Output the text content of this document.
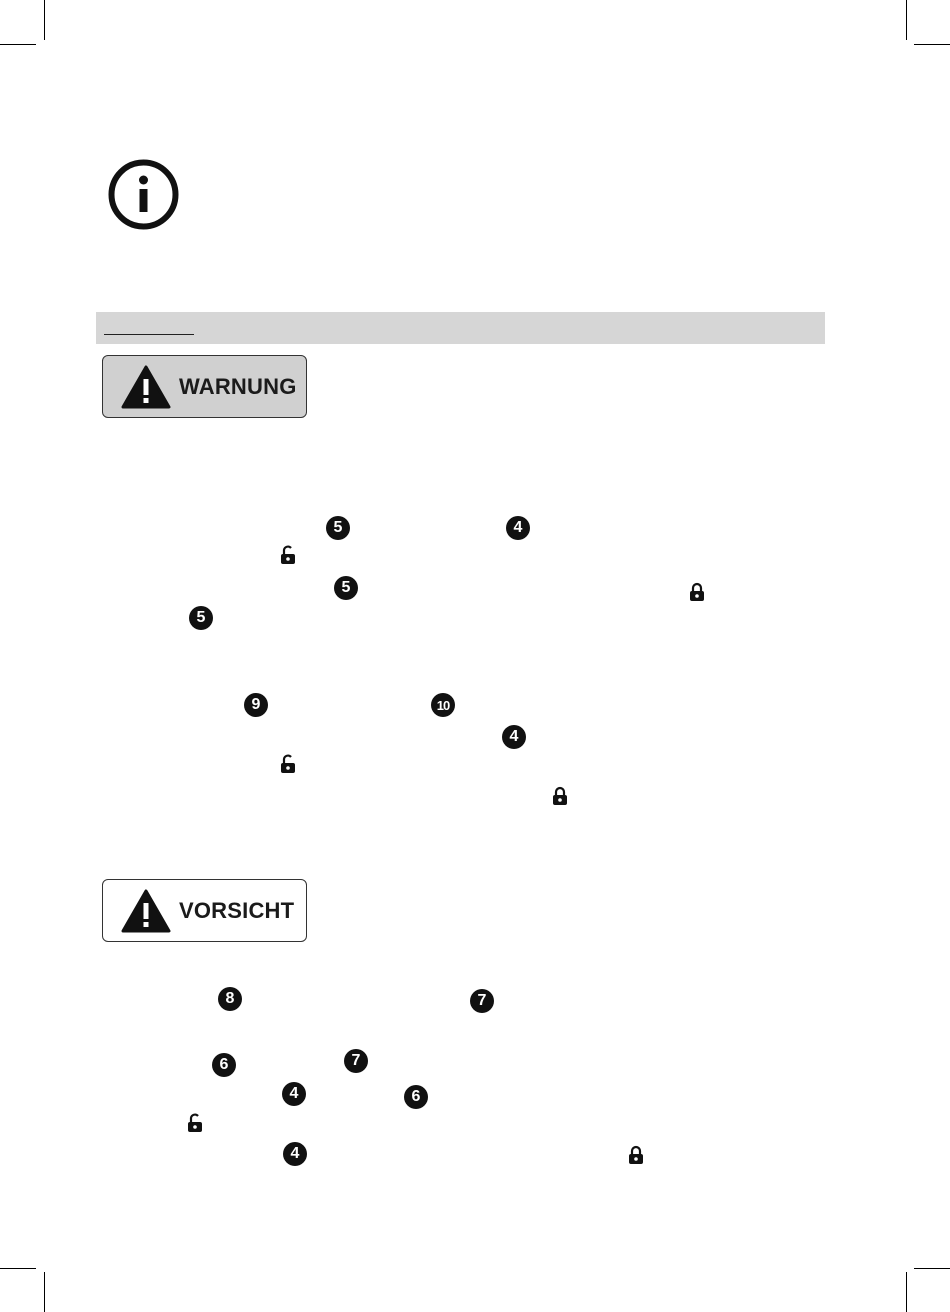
WARNUNG
5	4
5
5
9	10
4
VORSICHT
8	7
6	7
4	6
4
